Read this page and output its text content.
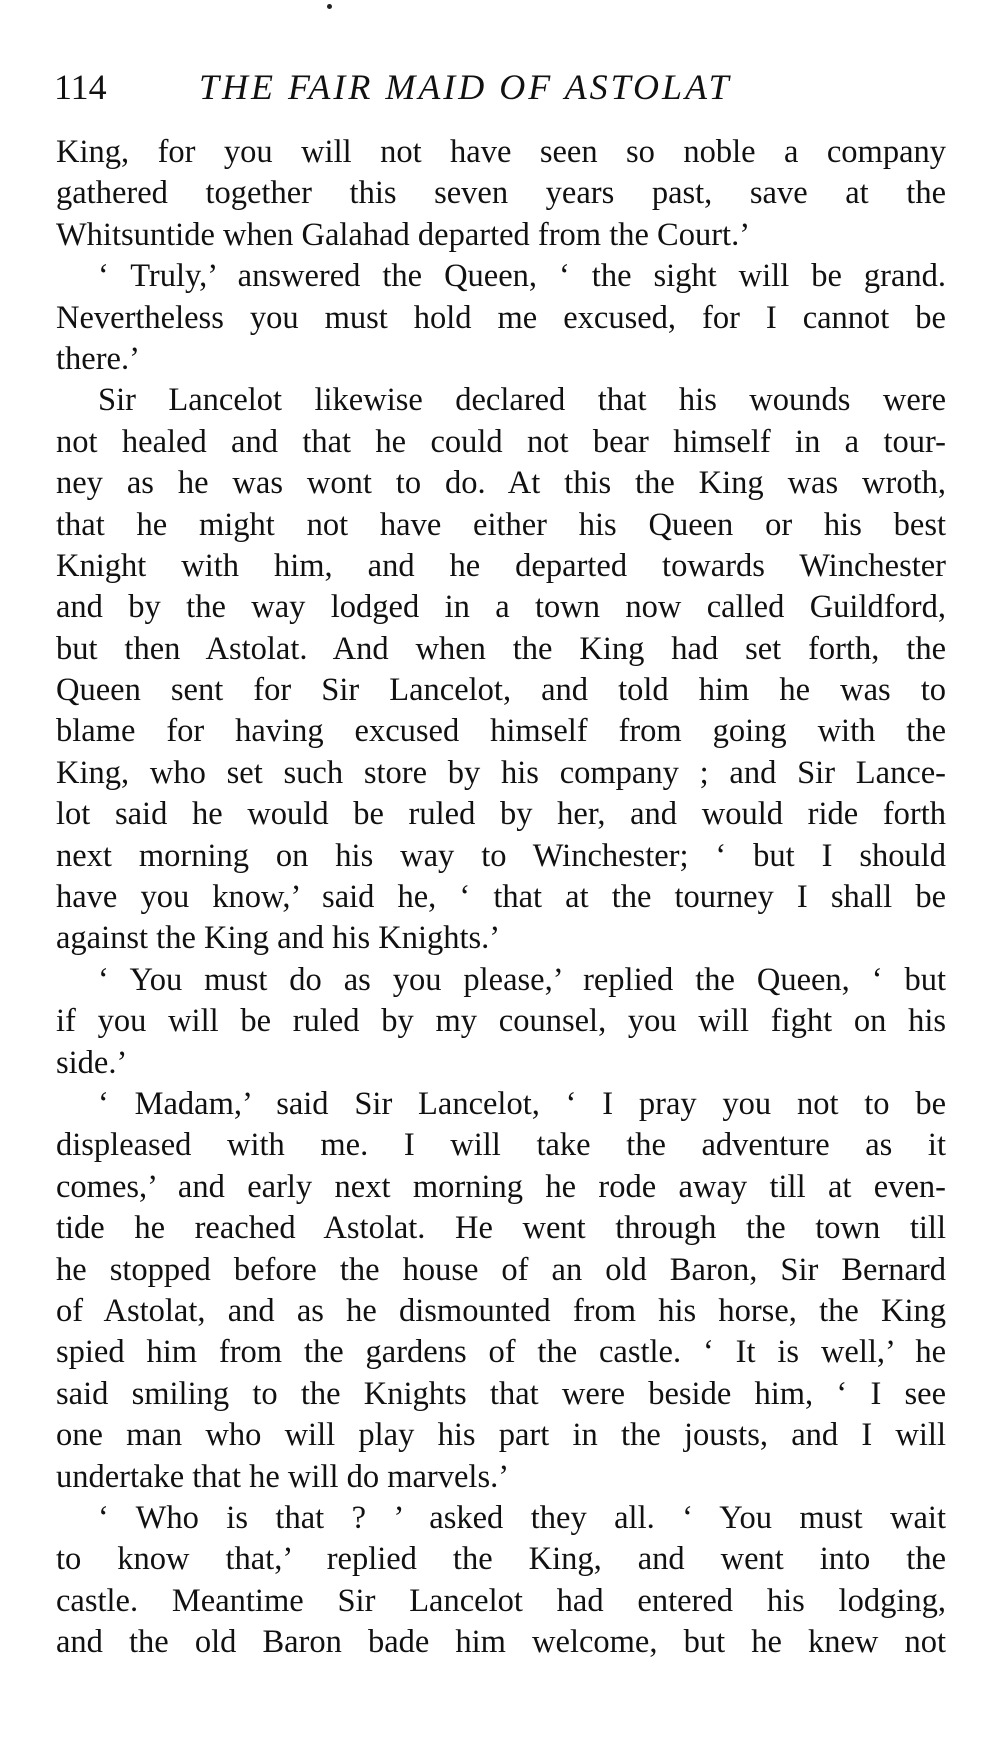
114	THE FAIR MAID OF ASTOLAT
King, for you will not have seen so noble a company
gathered together this seven years past, save at the
Whitsuntide when Galahad departed from the Court.’
‘ Truly,’ answered the Queen, ‘ the sight will be grand.
Nevertheless you must hold me excused, for I cannot be
there.’
Sir Lancelot likewise declared that his wounds were
not healed and that he could not bear himself in a tour-
ney as he was wont to do. At this the King was wroth,
that he might not have either his Queen or his best
Knight with him, and he departed towards Winchester
and by the way lodged in a town now called Guildford,
but then Astolat. And when the King had set forth, the
Queen sent for Sir Lancelot, and told him he was to
blame for having excused himself from going with the
King, who set such store by his company ; and Sir Lance-
lot said he would be ruled by her, and would ride forth
next morning on his way to Winchester; ‘ but I should
have you know,’ said he, ‘ that at the tourney I shall be
against the King and his Knights.’
‘ You must do as you please,’ replied the Queen, ‘ but
if you will be ruled by my counsel, you will fight on his
side.’
‘ Madam,’ said Sir Lancelot, ‘ I pray you not to be
displeased with me. I will take the adventure as it
comes,’ and early next morning he rode away till at even-
tide he reached Astolat. He went through the town till
he stopped before the house of an old Baron, Sir Bernard
of Astolat, and as he dismounted from his horse, the King
spied him from the gardens of the castle. ‘ It is well,’ he
said smiling to the Knights that were beside him, ‘ I see
one man who will play his part in the jousts, and I will
undertake that he will do marvels.’
‘ Who is that ? ’ asked they all. ‘ You must wait
to know that,’ replied the King, and went into the
castle. Meantime Sir Lancelot had entered his lodging,
and the old Baron bade him welcome, but he knew not
